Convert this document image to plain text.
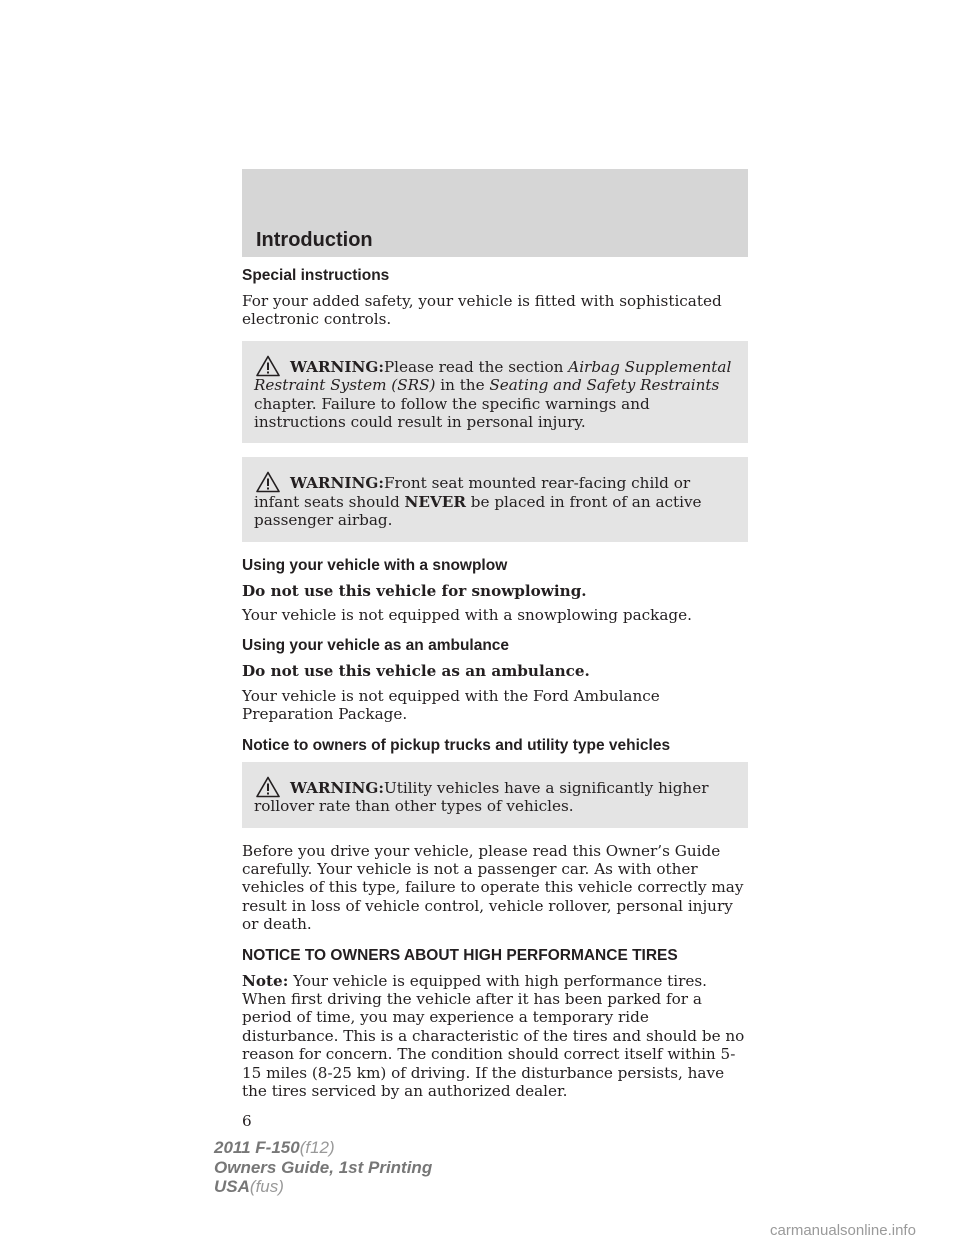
Introduction
Special instructions

For your added safety, your vehicle is fitted with sophisticated electronic controls.

WARNING:Please read the section Airbag Supplemental Restraint System (SRS) in the Seating and Safety Restraints chapter. Failure to follow the specific warnings and instructions could result in personal injury.
WARNING:Front seat mounted rear-facing child or infant seats should NEVER be placed in front of an active passenger airbag.
Using your vehicle with a snowplow

Do not use this vehicle for snowplowing.

Your vehicle is not equipped with a snowplowing package.

Using your vehicle as an ambulance

Do not use this vehicle as an ambulance.

Your vehicle is not equipped with the Ford Ambulance Preparation Package.

Notice to owners of pickup trucks and utility type vehicles
WARNING:Utility vehicles have a significantly higher rollover rate than other types of vehicles.

Before you drive your vehicle, please read this Owner’s Guide carefully. Your vehicle is not a passenger car. As with other vehicles of this type, failure to operate this vehicle correctly may result in loss of vehicle control, vehicle rollover, personal injury or death.

NOTICE TO OWNERS ABOUT HIGH PERFORMANCE TIRES

Note: Your vehicle is equipped with high performance tires. When first driving the vehicle after it has been parked for a period of time, you may experience a temporary ride disturbance. This is a characteristic of the tires and should be no reason for concern. The condition should correct itself within 5-15 miles (8-25 km) of driving. If the disturbance persists, have the tires serviced by an authorized dealer.

6

2011 F-150(f12)
Owners Guide, 1st Printing
USA(fus)
carmanualsonline.info
